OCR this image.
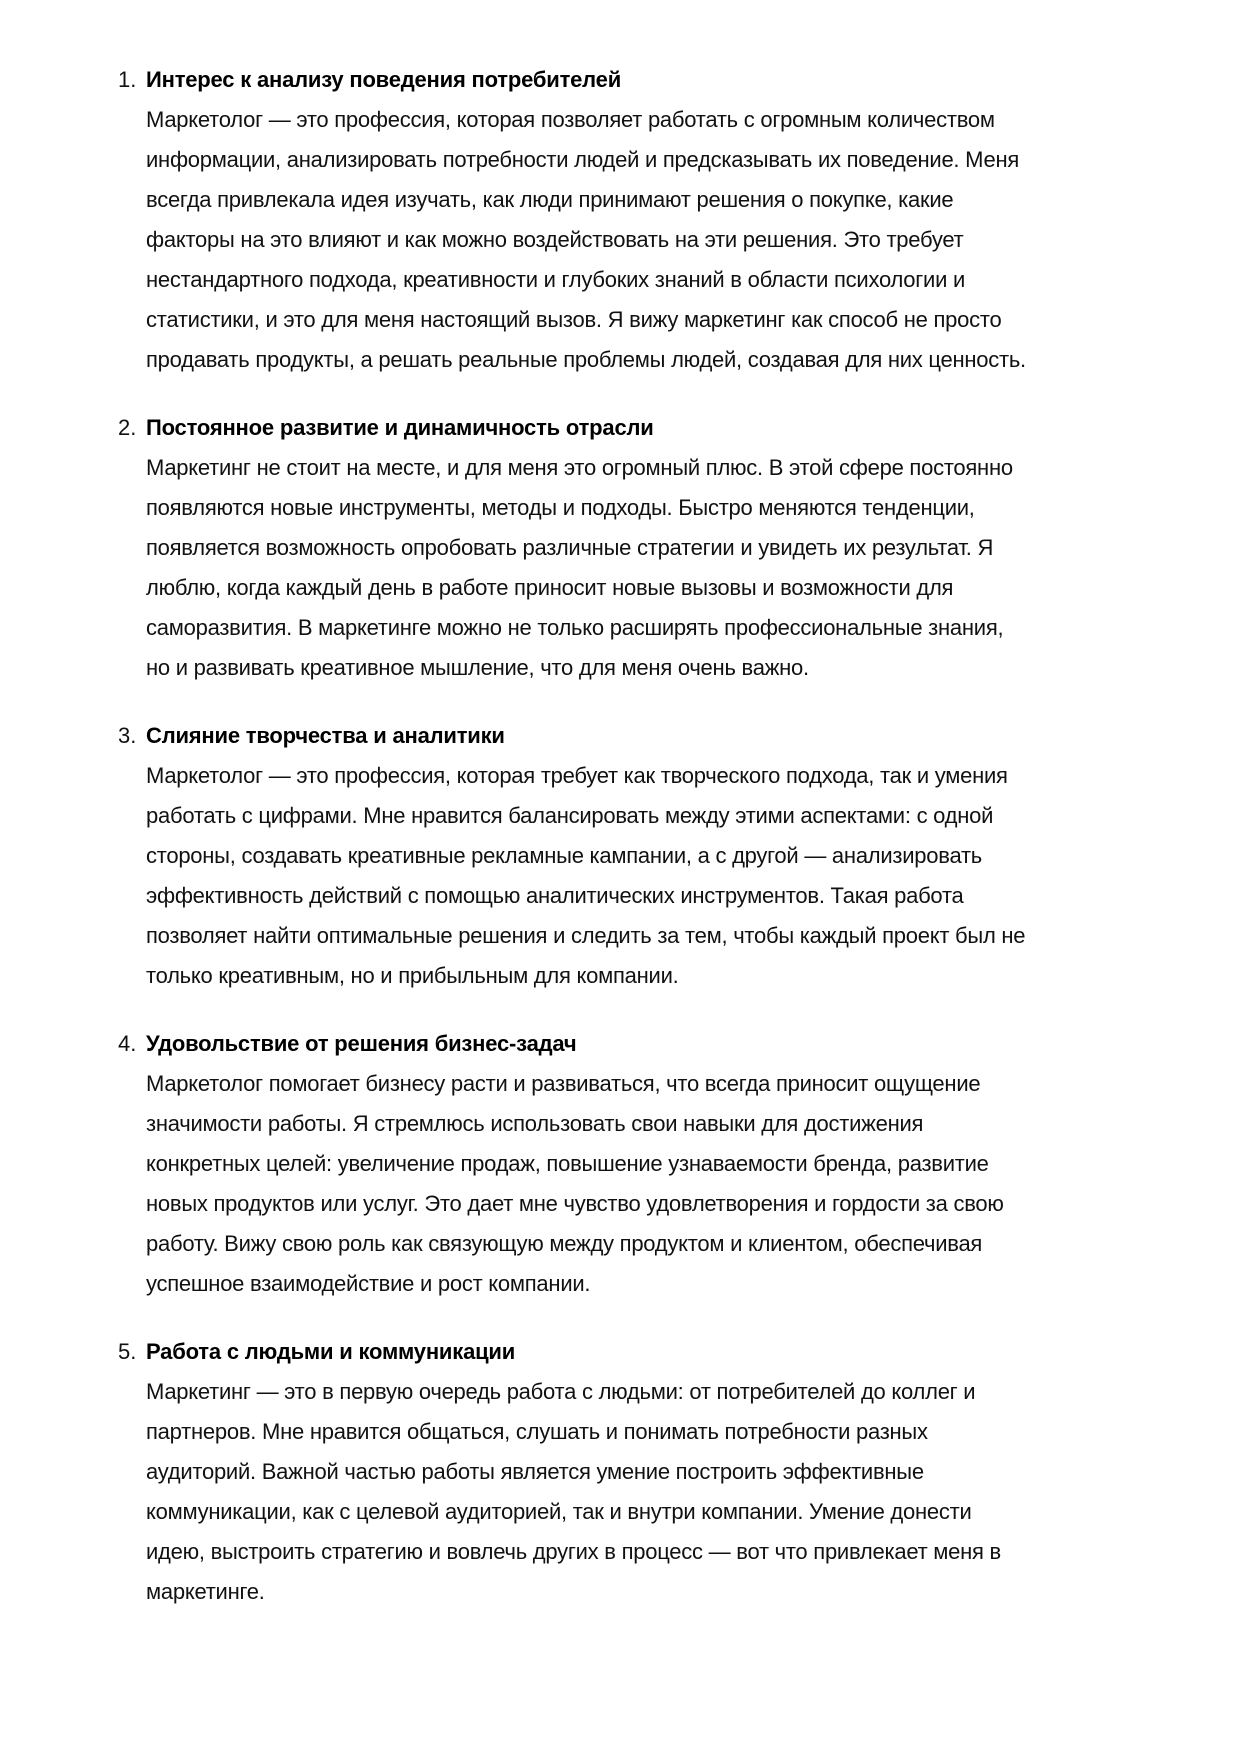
1. Интерес к анализу поведения потребителей
Маркетолог — это профессия, которая позволяет работать с огромным количеством
информации, анализировать потребности людей и предсказывать их поведение. Меня
всегда привлекала идея изучать, как люди принимают решения о покупке, какие
факторы на это влияют и как можно воздействовать на эти решения. Это требует
нестандартного подхода, креативности и глубоких знаний в области психологии и
статистики, и это для меня настоящий вызов. Я вижу маркетинг как способ не просто
продавать продукты, а решать реальные проблемы людей, создавая для них ценность.
2. Постоянное развитие и динамичность отрасли
Маркетинг не стоит на месте, и для меня это огромный плюс. В этой сфере постоянно
появляются новые инструменты, методы и подходы. Быстро меняются тенденции,
появляется возможность опробовать различные стратегии и увидеть их результат. Я
люблю, когда каждый день в работе приносит новые вызовы и возможности для
саморазвития. В маркетинге можно не только расширять профессиональные знания,
но и развивать креативное мышление, что для меня очень важно.
3. Слияние творчества и аналитики
Маркетолог — это профессия, которая требует как творческого подхода, так и умения
работать с цифрами. Мне нравится балансировать между этими аспектами: с одной
стороны, создавать креативные рекламные кампании, а с другой — анализировать
эффективность действий с помощью аналитических инструментов. Такая работа
позволяет найти оптимальные решения и следить за тем, чтобы каждый проект был не
только креативным, но и прибыльным для компании.
4. Удовольствие от решения бизнес-задач
Маркетолог помогает бизнесу расти и развиваться, что всегда приносит ощущение
значимости работы. Я стремлюсь использовать свои навыки для достижения
конкретных целей: увеличение продаж, повышение узнаваемости бренда, развитие
новых продуктов или услуг. Это дает мне чувство удовлетворения и гордости за свою
работу. Вижу свою роль как связующую между продуктом и клиентом, обеспечивая
успешное взаимодействие и рост компании.
5. Работа с людьми и коммуникации
Маркетинг — это в первую очередь работа с людьми: от потребителей до коллег и
партнеров. Мне нравится общаться, слушать и понимать потребности разных
аудиторий. Важной частью работы является умение построить эффективные
коммуникации, как с целевой аудиторией, так и внутри компании. Умение донести
идею, выстроить стратегию и вовлечь других в процесс — вот что привлекает меня в
маркетинге.
